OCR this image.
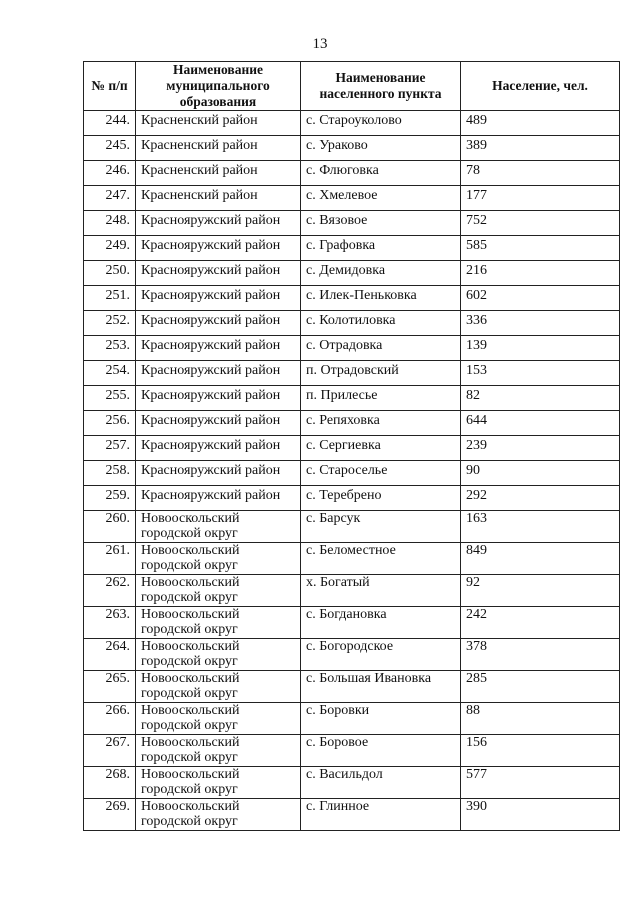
13
№ п/п	Наименование муниципального образования	Наименование населенного пункта	Население, чел.
244.	Красненский район	с. Староуколово	489
245.	Красненский район	с. Ураково	389
246.	Красненский район	с. Флюговка	78
247.	Красненский район	с. Хмелевое	177
248.	Краснояружский район	с. Вязовое	752
249.	Краснояружский район	с. Графовка	585
250.	Краснояружский район	с. Демидовка	216
251.	Краснояружский район	с. Илек-Пеньковка	602
252.	Краснояружский район	с. Колотиловка	336
253.	Краснояружский район	с. Отрадовка	139
254.	Краснояружский район	п. Отрадовский	153
255.	Краснояружский район	п. Прилесье	82
256.	Краснояружский район	с. Репяховка	644
257.	Краснояружский район	с. Сергиевка	239
258.	Краснояружский район	с. Староселье	90
259.	Краснояружский район	с. Теребрено	292
260.	Новооскольский городской округ	с. Барсук	163
261.	Новооскольский городской округ	с. Беломестное	849
262.	Новооскольский городской округ	х. Богатый	92
263.	Новооскольский городской округ	с. Богдановка	242
264.	Новооскольский городской округ	с. Богородское	378
265.	Новооскольский городской округ	с. Большая Ивановка	285
266.	Новооскольский городской округ	с. Боровки	88
267.	Новооскольский городской округ	с. Боровое	156
268.	Новооскольский городской округ	с. Васильдол	577
269.	Новооскольский городской округ	с. Глинное	390
